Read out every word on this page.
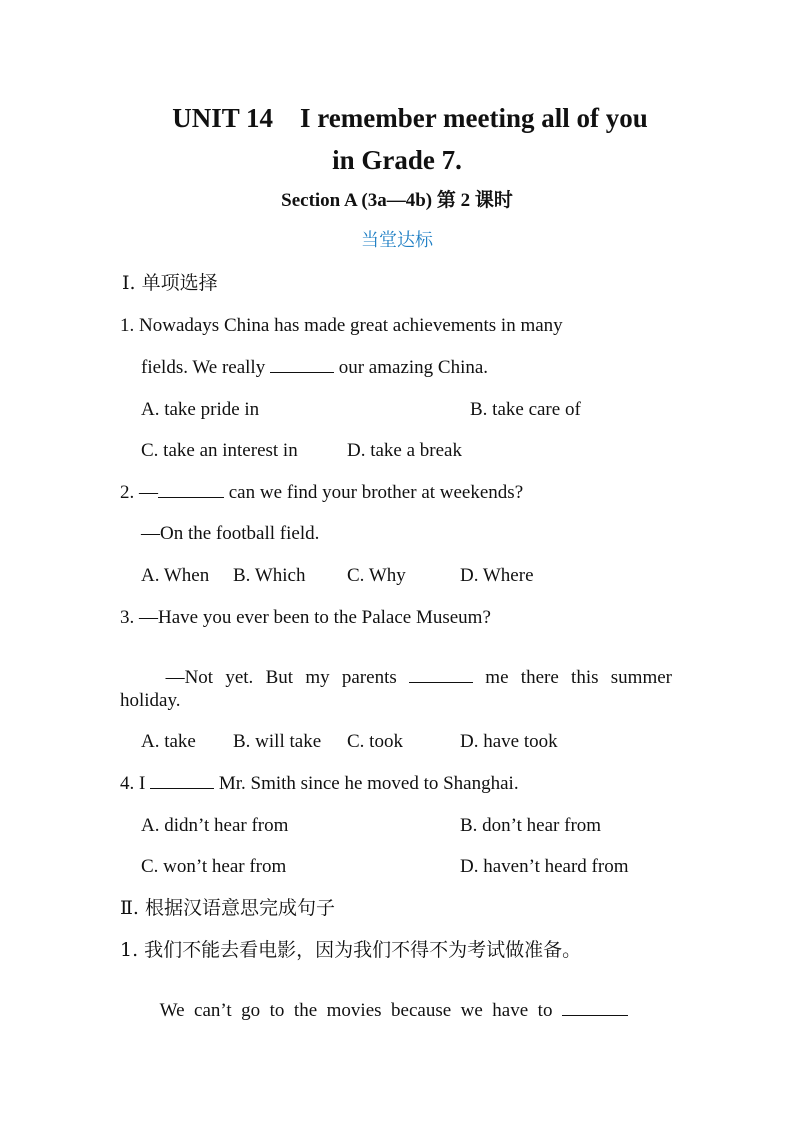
UNIT 14　I remember meeting all of you
in Grade 7.
Section A (3a—4b) 第 2 课时
当堂达标
Ⅰ. 单项选择
1. Nowadays China has made great achievements in many
fields. We really	our amazing China.
A. take pride in	B. take care of
C. take an interest in	D. take a break
2. —	can we find your brother at weekends?
—On the football field.
A. When B. Which C. Why	D. Where
3. —Have you ever been to the Palace Museum?

—Not  yet.  But  my  parents	me  there  this  summer

holiday.
A. take B. will take C. took	D. have took
4. I	Mr. Smith since he moved to Shanghai.
A. didn’t hear from	B. don’t hear from
C. won’t hear from	D. haven’t heard from
Ⅱ. 根据汉语意思完成句子
1. 我们不能去看电影，因为我们不得不为考试做准备。

We  can’t  go  to  the  movies  because  we  have  to
